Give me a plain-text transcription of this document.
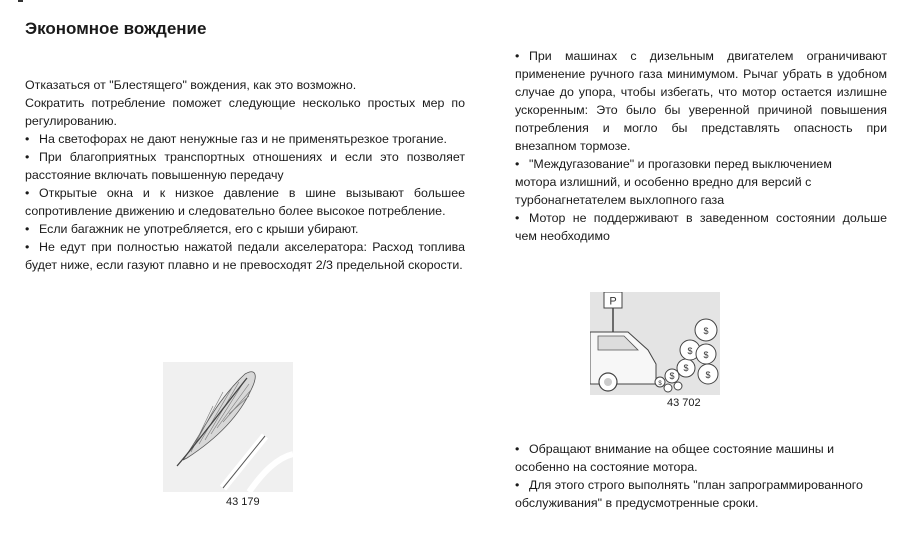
Экономное вождение

Отказаться от "Блестящего" вождения, как это возможно.

Сократить потребление поможет следующие несколько простых мер по регулированию.

• На светофорах не дают ненужные газ и не применятьрезкое трогание.

• При благоприятных транспортных отношениях и если это позволяет расстояние включать повышенную передачу

• Открытые окна и к низкое давление в шине вызывают большее сопротивление движению и следовательно более высокое потребление.

• Если багажник не употребляется, его с крыши убирают.

• Не едут при полностью нажатой педали акселератора: Расход топлива будет ниже, если газуют плавно и не превосходят 2/3 предельной скорости.

• При машинах с дизельным двигателем ограничивают применение ручного газа минимумом. Рычаг убрать в удобном случае до упора, чтобы избегать, что мотор остается излишне ускоренным: Это было бы уверенной причиной повышения потребления и могло бы представлять опасность при внезапном тормозе.

• "Междугазование" и прогазовки перед выключением мотора излишний, и особенно вредно для версий с турбонагнетателем выхлопного газа

• Мотор не поддерживают в заведенном состоянии дольше чем необходимо

43 179
P
$
$
$
$
$
$
$
43 702

• Обращают внимание на общее состояние машины и особенно на состояние мотора.

• Для этого строго выполнять "план запрограммированного обслуживания" в предусмотренные сроки.
